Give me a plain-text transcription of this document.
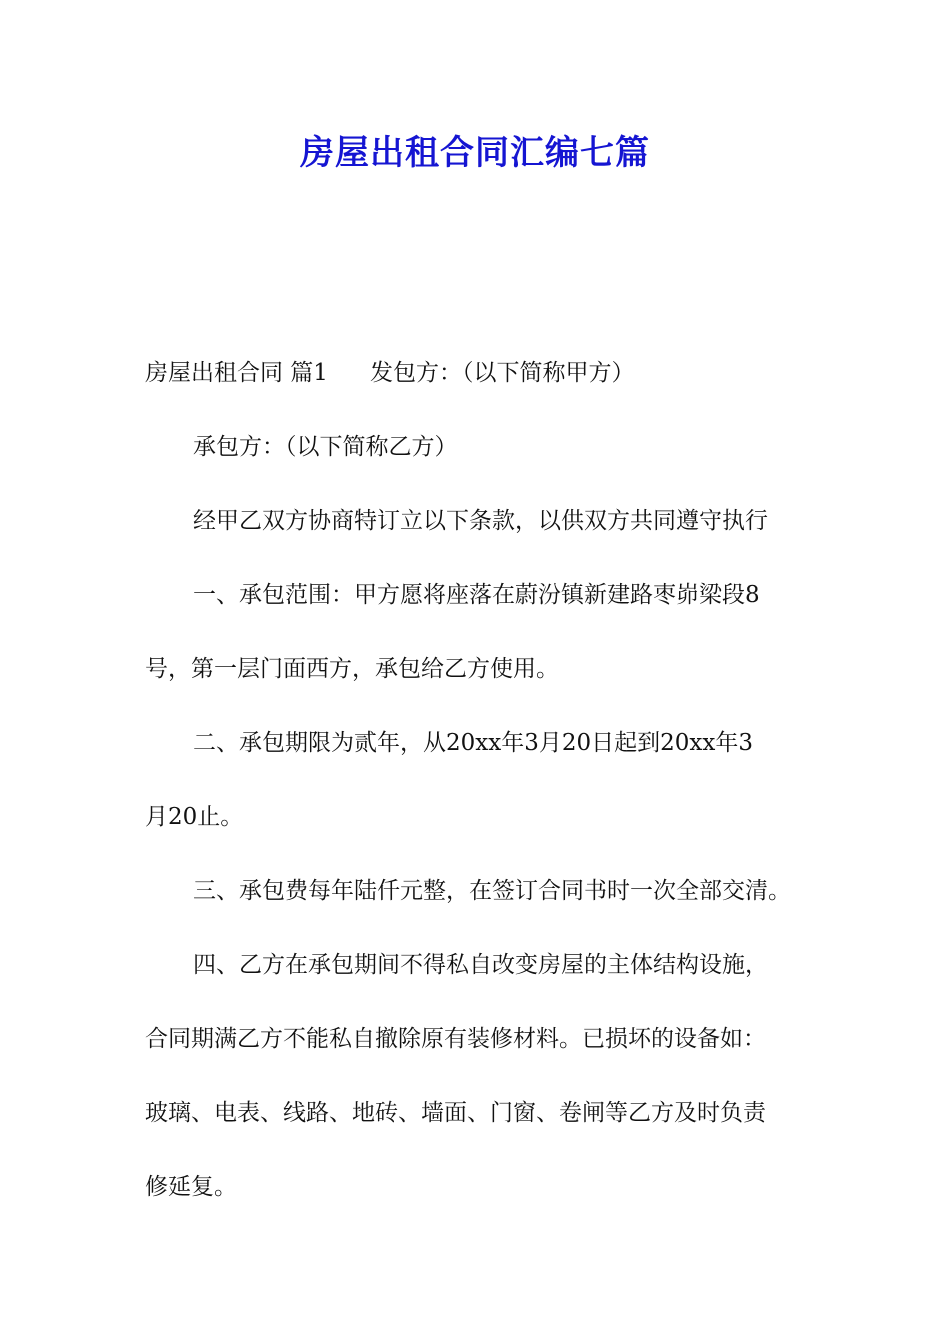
房屋出租合同汇编七篇
房屋出租合同 篇1 发包方：（以下简称甲方）
承包方：（以下简称乙方）
经甲乙双方协商特订立以下条款，以供双方共同遵守执行
一、承包范围：甲方愿将座落在蔚汾镇新建路枣峁梁段8
号，第一层门面西方，承包给乙方使用。
二、承包期限为贰年，从20xx年3月20日起到20xx年3
月20止。
三、承包费每年陆仟元整，在签订合同书时一次全部交清。
四、乙方在承包期间不得私自改变房屋的主体结构设施，
合同期满乙方不能私自撤除原有装修材料。已损坏的设备如：
玻璃、电表、线路、地砖、墙面、门窗、卷闸等乙方及时负责
修延复。
